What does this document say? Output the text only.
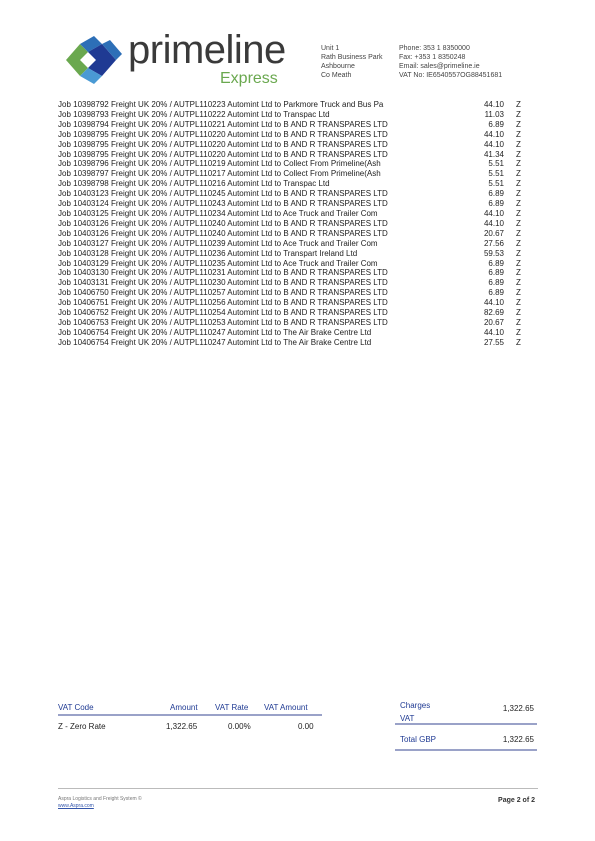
primeline
Express
Unit 1
Rath Business Park
Ashbourne
Co Meath
Phone: 353 1 8350000
Fax: +353 1 8350248
Email: sales@primeline.ie
VAT No: IE6540557OG88451681
Job 10398792 Freight UK 20% / AUTPL110223 Automint Ltd to Parkmore Truck and Bus Pa	44.10 Z
Job 10398793 Freight UK 20% / AUTPL110222 Automint Ltd to Transpac Ltd	11.03 Z
Job 10398794 Freight UK 20% / AUTPL110221 Automint Ltd to B AND R TRANSPARES LTD	6.89 Z
Job 10398795 Freight UK 20% / AUTPL110220 Automint Ltd to B AND R TRANSPARES LTD	44.10 Z
Job 10398795 Freight UK 20% / AUTPL110220 Automint Ltd to B AND R TRANSPARES LTD	44.10 Z
Job 10398795 Freight UK 20% / AUTPL110220 Automint Ltd to B AND R TRANSPARES LTD	41.34 Z
Job 10398796 Freight UK 20% / AUTPL110219 Automint Ltd to Collect From Primeline(Ash	5.51 Z
Job 10398797 Freight UK 20% / AUTPL110217 Automint Ltd to Collect From Primeline(Ash	5.51 Z
Job 10398798 Freight UK 20% / AUTPL110216 Automint Ltd to Transpac Ltd	5.51 Z
Job 10403123 Freight UK 20% / AUTPL110245 Automint Ltd to B AND R TRANSPARES LTD	6.89 Z
Job 10403124 Freight UK 20% / AUTPL110243 Automint Ltd to B AND R TRANSPARES LTD	6.89 Z
Job 10403125 Freight UK 20% / AUTPL110234 Automint Ltd to Ace Truck and Trailer Com	44.10 Z
Job 10403126 Freight UK 20% / AUTPL110240 Automint Ltd to B AND R TRANSPARES LTD	44.10 Z
Job 10403126 Freight UK 20% / AUTPL110240 Automint Ltd to B AND R TRANSPARES LTD	20.67 Z
Job 10403127 Freight UK 20% / AUTPL110239 Automint Ltd to Ace Truck and Trailer Com	27.56 Z
Job 10403128 Freight UK 20% / AUTPL110236 Automint Ltd to Transpart Ireland Ltd	59.53 Z
Job 10403129 Freight UK 20% / AUTPL110235 Automint Ltd to Ace Truck and Trailer Com	6.89 Z
Job 10403130 Freight UK 20% / AUTPL110231 Automint Ltd to B AND R TRANSPARES LTD	6.89 Z
Job 10403131 Freight UK 20% / AUTPL110230 Automint Ltd to B AND R TRANSPARES LTD	6.89 Z
Job 10406750 Freight UK 20% / AUTPL110257 Automint Ltd to B AND R TRANSPARES LTD	6.89 Z
Job 10406751 Freight UK 20% / AUTPL110256 Automint Ltd to B AND R TRANSPARES LTD	44.10 Z
Job 10406752 Freight UK 20% / AUTPL110254 Automint Ltd to B AND R TRANSPARES LTD	82.69 Z
Job 10406753 Freight UK 20% / AUTPL110253 Automint Ltd to B AND R TRANSPARES LTD	20.67 Z
Job 10406754 Freight UK 20% / AUTPL110247 Automint Ltd to The Air Brake Centre Ltd	44.10 Z
Job 10406754 Freight UK 20% / AUTPL110247 Automint Ltd to The Air Brake Centre Ltd	27.55 Z
VAT Code	Amount VAT Rate VAT Amount
Z - Zero Rate	1,322.65	0.00%	0.00
Charges	1,322.65
VAT
Total GBP	1,322.65
Aspra Logistics and Freight System ©
www.Aspra.com
Page 2 of 2
